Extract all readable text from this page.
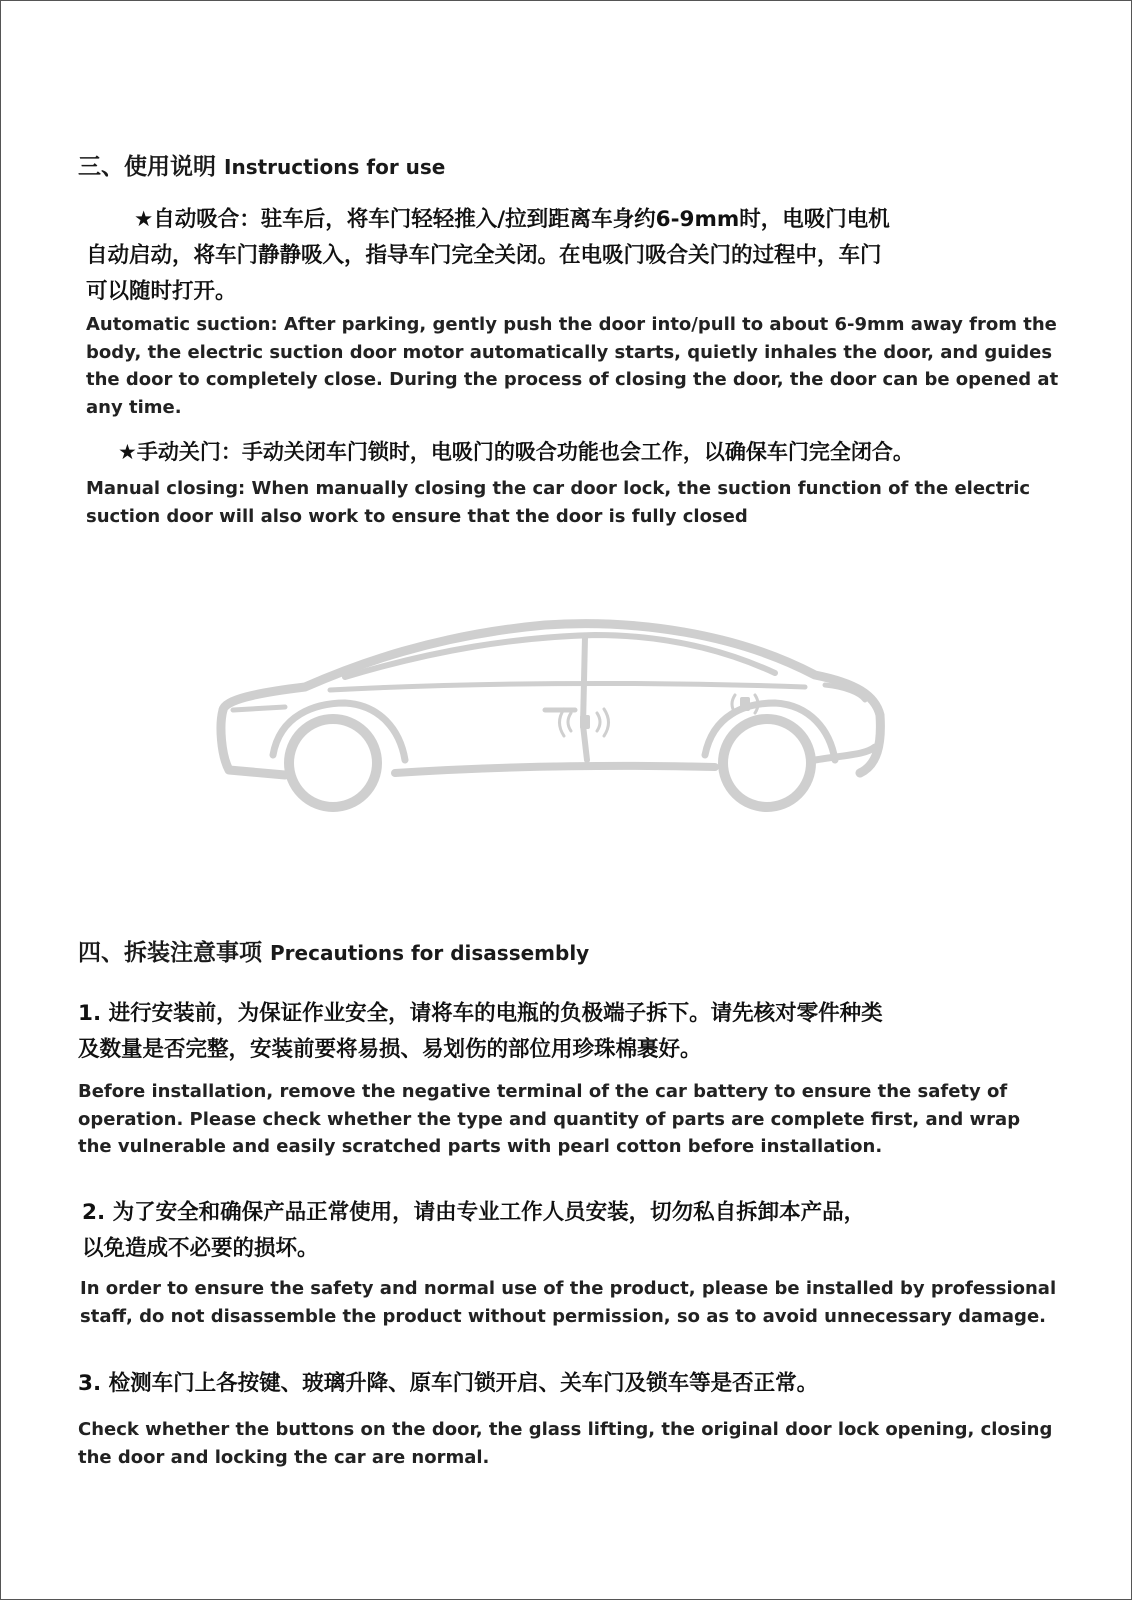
三、使用说明 Instructions for use
★自动吸合：驻车后，将车门轻轻推入/拉到距离车身约6-9mm时，电吸门电机
自动启动，将车门静静吸入，指导车门完全关闭。在电吸门吸合关门的过程中，车门
可以随时打开。
Automatic suction: After parking, gently push the door into/pull to about 6-9mm away from the
body, the electric suction door motor automatically starts, quietly inhales the door, and guides
the door to completely close. During the process of closing the door, the door can be opened at
any time.
★手动关门：手动关闭车门锁时，电吸门的吸合功能也会工作，以确保车门完全闭合。
Manual closing: When manually closing the car door lock, the suction function of the electric
suction door will also work to ensure that the door is fully closed
四、拆装注意事项 Precautions for disassembly
1. 进行安装前，为保证作业安全，请将车的电瓶的负极端子拆下。请先核对零件种类
及数量是否完整，安装前要将易损、易划伤的部位用珍珠棉裹好。
Before installation, remove the negative terminal of the car battery to ensure the safety of
operation. Please check whether the type and quantity of parts are complete first, and wrap
the vulnerable and easily scratched parts with pearl cotton before installation.
2. 为了安全和确保产品正常使用，请由专业工作人员安装，切勿私自拆卸本产品，
以免造成不必要的损坏。
In order to ensure the safety and normal use of the product, please be installed by professional
staff, do not disassemble the product without permission, so as to avoid unnecessary damage.
3. 检测车门上各按键、玻璃升降、原车门锁开启、关车门及锁车等是否正常。
Check whether the buttons on the door, the glass lifting, the original door lock opening, closing
the door and locking the car are normal.
